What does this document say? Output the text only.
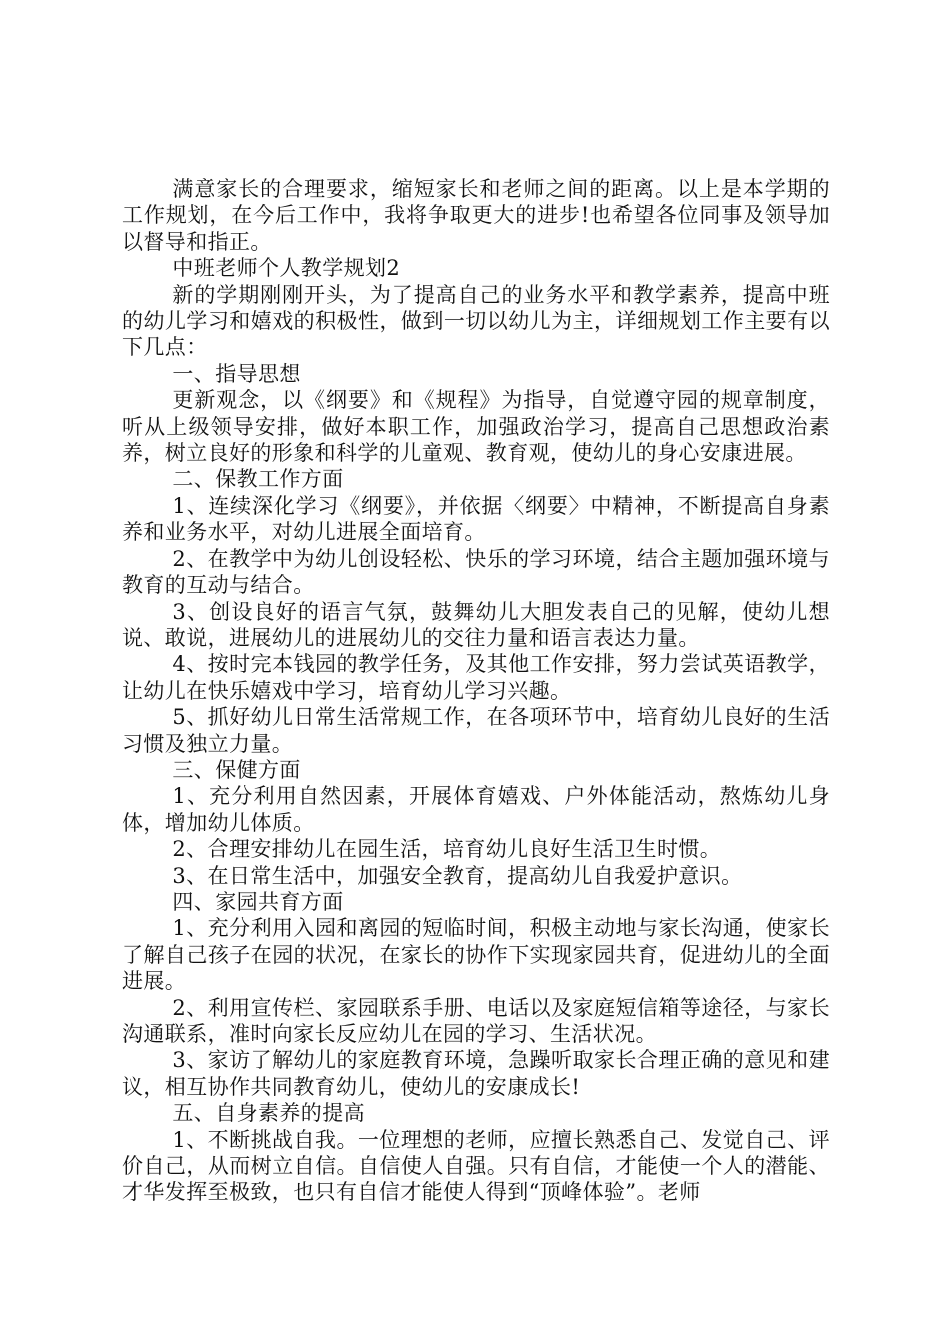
满意家长的合理要求，缩短家长和老师之间的距离。以上是本学期的工作规划，在今后工作中，我将争取更大的进步!也希望各位同事及领导加以督导和指正。

中班老师个人教学规划2

新的学期刚刚开头，为了提高自己的业务水平和教学素养，提高中班的幼儿学习和嬉戏的积极性，做到一切以幼儿为主，详细规划工作主要有以下几点：

一、指导思想

更新观念，以《纲要》和《规程》为指导，自觉遵守园的规章制度，听从上级领导安排，做好本职工作，加强政治学习，提高自己思想政治素养，树立良好的形象和科学的儿童观、教育观，使幼儿的身心安康进展。

二、保教工作方面

1、连续深化学习《纲要》，并依据〈纲要〉中精神，不断提高自身素养和业务水平，对幼儿进展全面培育。

2、在教学中为幼儿创设轻松、快乐的学习环境，结合主题加强环境与教育的互动与结合。

3、创设良好的语言气氛，鼓舞幼儿大胆发表自己的见解，使幼儿想说、敢说，进展幼儿的进展幼儿的交往力量和语言表达力量。

4、按时完本钱园的教学任务，及其他工作安排，努力尝试英语教学，让幼儿在快乐嬉戏中学习，培育幼儿学习兴趣。

5、抓好幼儿日常生活常规工作，在各项环节中，培育幼儿良好的生活习惯及独立力量。

三、保健方面

1、充分利用自然因素，开展体育嬉戏、户外体能活动，熬炼幼儿身体，增加幼儿体质。

2、合理安排幼儿在园生活，培育幼儿良好生活卫生时惯。

3、在日常生活中，加强安全教育，提高幼儿自我爱护意识。

四、家园共育方面

1、充分利用入园和离园的短临时间，积极主动地与家长沟通，使家长了解自己孩子在园的状况，在家长的协作下实现家园共育，促进幼儿的全面进展。

2、利用宣传栏、家园联系手册、电话以及家庭短信箱等途径，与家长沟通联系，准时向家长反应幼儿在园的学习、生活状况。

3、家访了解幼儿的家庭教育环境，急躁听取家长合理正确的意见和建议，相互协作共同教育幼儿，使幼儿的安康成长!

五、自身素养的提高

1、不断挑战自我。一位理想的老师，应擅长熟悉自己、发觉自己、评价自己，从而树立自信。自信使人自强。只有自信，才能使一个人的潜能、才华发挥至极致，也只有自信才能使人得到“顶峰体验”。老师
